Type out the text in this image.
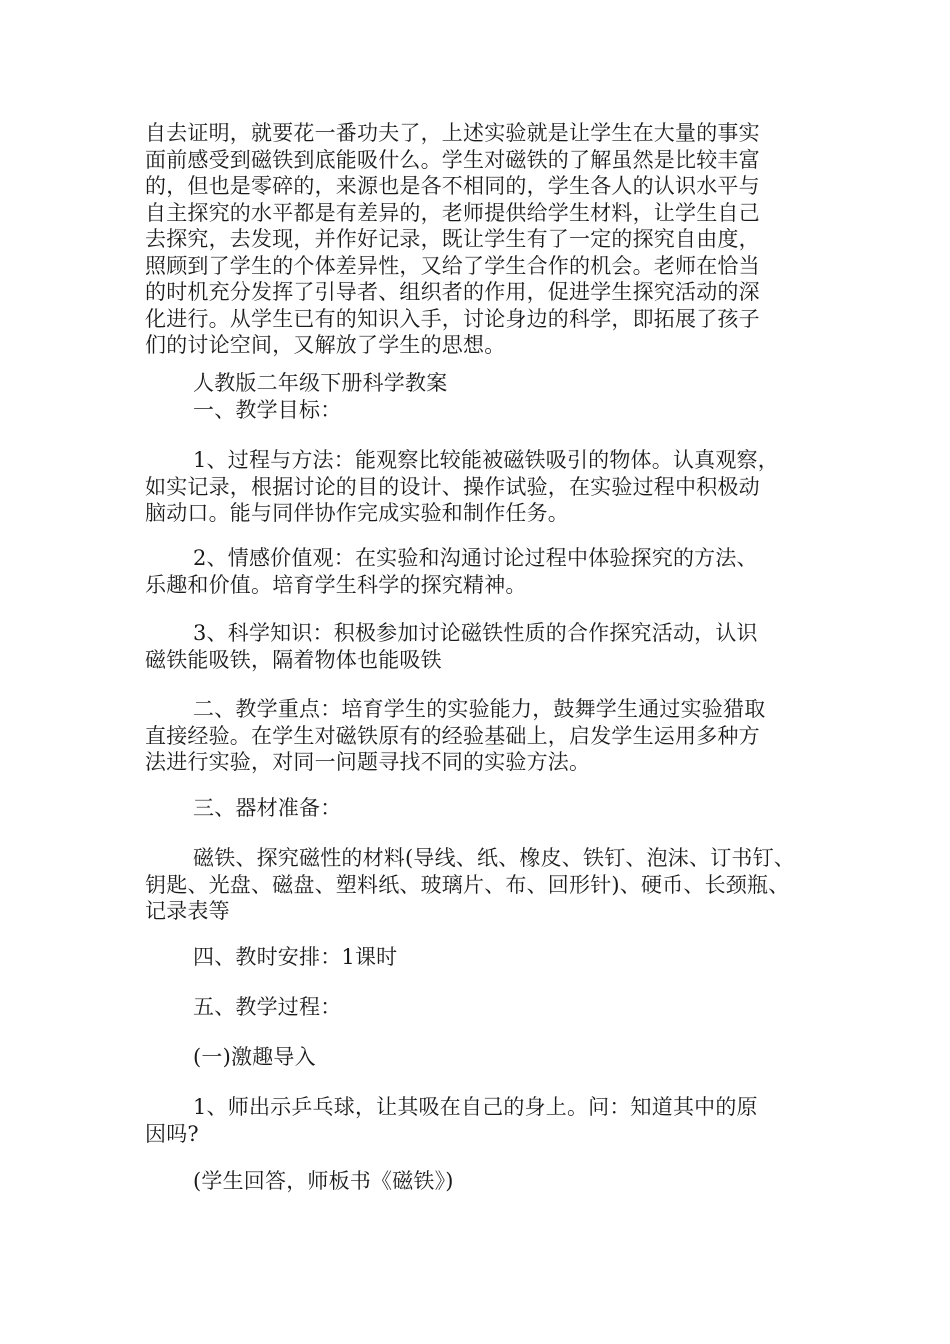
自去证明，就要花一番功夫了，上述实验就是让学生在大量的事实
面前感受到磁铁到底能吸什么。学生对磁铁的了解虽然是比较丰富
的，但也是零碎的，来源也是各不相同的，学生各人的认识水平与
自主探究的水平都是有差异的，老师提供给学生材料，让学生自己
去探究，去发现，并作好记录，既让学生有了一定的探究自由度，
照顾到了学生的个体差异性，又给了学生合作的机会。老师在恰当
的时机充分发挥了引导者、组织者的作用，促进学生探究活动的深
化进行。从学生已有的知识入手，讨论身边的科学，即拓展了孩子
们的讨论空间，又解放了学生的思想。
人教版二年级下册科学教案
一、教学目标：
1、过程与方法：能观察比较能被磁铁吸引的物体。认真观察，
如实记录，根据讨论的目的设计、操作试验，在实验过程中积极动
脑动口。能与同伴协作完成实验和制作任务。
2、情感价值观：在实验和沟通讨论过程中体验探究的方法、
乐趣和价值。培育学生科学的探究精神。
3、科学知识：积极参加讨论磁铁性质的合作探究活动，认识
磁铁能吸铁，隔着物体也能吸铁
二、教学重点：培育学生的实验能力，鼓舞学生通过实验猎取
直接经验。在学生对磁铁原有的经验基础上，启发学生运用多种方
法进行实验，对同一问题寻找不同的实验方法。
三、器材准备：
磁铁、探究磁性的材料(导线、纸、橡皮、铁钉、泡沫、订书钉、
钥匙、光盘、磁盘、塑料纸、玻璃片、布、回形针)、硬币、长颈瓶、
记录表等
四、教时安排：1课时
五、教学过程：
(一)激趣导入
1、师出示乒乓球，让其吸在自己的身上。问：知道其中的原
因吗?
(学生回答，师板书《磁铁》)
